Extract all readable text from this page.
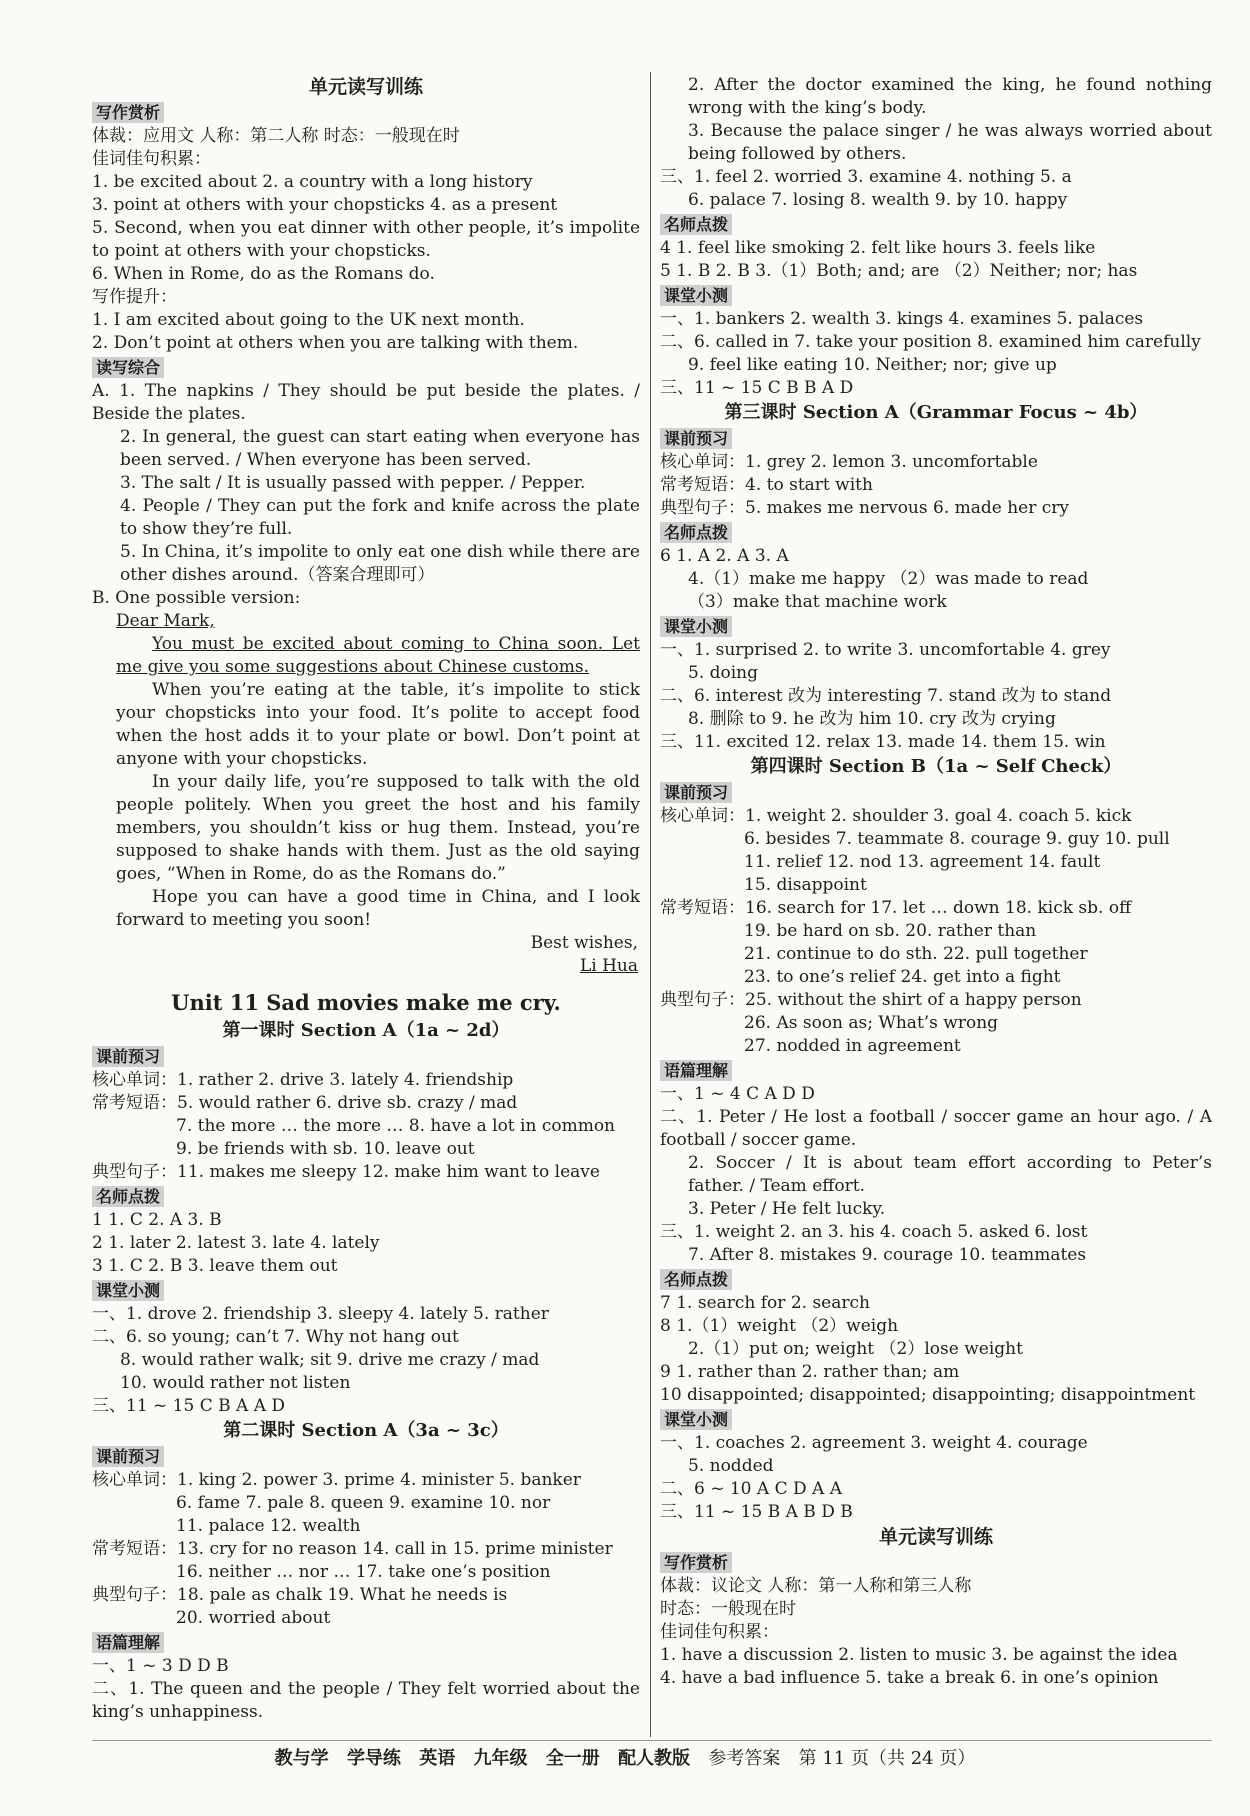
单元读写训练
写作赏析
体裁：应用文 人称：第二人称 时态：一般现在时
佳词佳句积累：
1. be excited about 2. a country with a long history
3. point at others with your chopsticks 4. as a present
5. Second, when you eat dinner with other people, it’s impolite to point at others with your chopsticks.
6. When in Rome, do as the Romans do.
写作提升：
1. I am excited about going to the UK next month.
2. Don’t point at others when you are talking with them.
读写综合
A. 1. The napkins / They should be put beside the plates. / Beside the plates.
2. In general, the guest can start eating when everyone has been served. / When everyone has been served.
3. The salt / It is usually passed with pepper. / Pepper.
4. People / They can put the fork and knife across the plate to show they’re full.
5. In China, it’s impolite to only eat one dish while there are other dishes around.（答案合理即可）
B. One possible version:
Dear Mark,
You must be excited about coming to China soon. Let me give you some suggestions about Chinese customs.
When you’re eating at the table, it’s impolite to stick your chopsticks into your food. It’s polite to accept food when the host adds it to your plate or bowl. Don’t point at anyone with your chopsticks.
In your daily life, you’re supposed to talk with the old people politely. When you greet the host and his family members, you shouldn’t kiss or hug them. Instead, you’re supposed to shake hands with them. Just as the old saying goes, “When in Rome, do as the Romans do.”
Hope you can have a good time in China, and I look forward to meeting you soon!
Best wishes,
Li Hua
Unit 11 Sad movies make me cry.
第一课时 Section A（1a ~ 2d）
课前预习
核心单词：1. rather 2. drive 3. lately 4. friendship
常考短语：5. would rather 6. drive sb. crazy / mad
7. the more … the more … 8. have a lot in common
9. be friends with sb. 10. leave out
典型句子：11. makes me sleepy 12. make him want to leave
名师点拨
1 1. C 2. A 3. B
2 1. later 2. latest 3. late 4. lately
3 1. C 2. B 3. leave them out
课堂小测
一、1. drove 2. friendship 3. sleepy 4. lately 5. rather
二、6. so young; can’t 7. Why not hang out
8. would rather walk; sit 9. drive me crazy / mad
10. would rather not listen
三、11 ~ 15 C B A A D
第二课时 Section A（3a ~ 3c）
课前预习
核心单词：1. king 2. power 3. prime 4. minister 5. banker
6. fame 7. pale 8. queen 9. examine 10. nor
11. palace 12. wealth
常考短语：13. cry for no reason 14. call in 15. prime minister
16. neither … nor … 17. take one’s position
典型句子：18. pale as chalk 19. What he needs is
20. worried about
语篇理解
一、1 ~ 3 D D B
二、1. The queen and the people / They felt worried about the king’s unhappiness.
2. After the doctor examined the king, he found nothing wrong with the king’s body.
3. Because the palace singer / he was always worried about being followed by others.
三、1. feel 2. worried 3. examine 4. nothing 5. a
6. palace 7. losing 8. wealth 9. by 10. happy
名师点拨
4 1. feel like smoking 2. felt like hours 3. feels like
5 1. B 2. B 3.（1）Both; and; are （2）Neither; nor; has
课堂小测
一、1. bankers 2. wealth 3. kings 4. examines 5. palaces
二、6. called in 7. take your position 8. examined him carefully
9. feel like eating 10. Neither; nor; give up
三、11 ~ 15 C B B A D
第三课时 Section A（Grammar Focus ~ 4b）
课前预习
核心单词：1. grey 2. lemon 3. uncomfortable
常考短语：4. to start with
典型句子：5. makes me nervous 6. made her cry
名师点拨
6 1. A 2. A 3. A
4.（1）make me happy （2）was made to read
（3）make that machine work
课堂小测
一、1. surprised 2. to write 3. uncomfortable 4. grey
5. doing
二、6. interest 改为 interesting 7. stand 改为 to stand
8. 删除 to 9. he 改为 him 10. cry 改为 crying
三、11. excited 12. relax 13. made 14. them 15. win
第四课时 Section B（1a ~ Self Check）
课前预习
核心单词：1. weight 2. shoulder 3. goal 4. coach 5. kick
6. besides 7. teammate 8. courage 9. guy 10. pull
11. relief 12. nod 13. agreement 14. fault
15. disappoint
常考短语：16. search for 17. let … down 18. kick sb. off
19. be hard on sb. 20. rather than
21. continue to do sth. 22. pull together
23. to one’s relief 24. get into a fight
典型句子：25. without the shirt of a happy person
26. As soon as; What’s wrong
27. nodded in agreement
语篇理解
一、1 ~ 4 C A D D
二、1. Peter / He lost a football / soccer game an hour ago. / A football / soccer game.
2. Soccer / It is about team effort according to Peter’s father. / Team effort.
3. Peter / He felt lucky.
三、1. weight 2. an 3. his 4. coach 5. asked 6. lost
7. After 8. mistakes 9. courage 10. teammates
名师点拨
7 1. search for 2. search
8 1.（1）weight （2）weigh
2.（1）put on; weight （2）lose weight
9 1. rather than 2. rather than; am
10 disappointed; disappointed; disappointing; disappointment
课堂小测
一、1. coaches 2. agreement 3. weight 4. courage
5. nodded
二、6 ~ 10 A C D A A
三、11 ~ 15 B A B D B
单元读写训练
写作赏析
体裁：议论文 人称：第一人称和第三人称
时态：一般现在时
佳词佳句积累：
1. have a discussion 2. listen to music 3. be against the idea
4. have a bad influence 5. take a break 6. in one’s opinion
教与学 学导练 英语 九年级 全一册 配人教版 参考答案 第 11 页（共 24 页）
